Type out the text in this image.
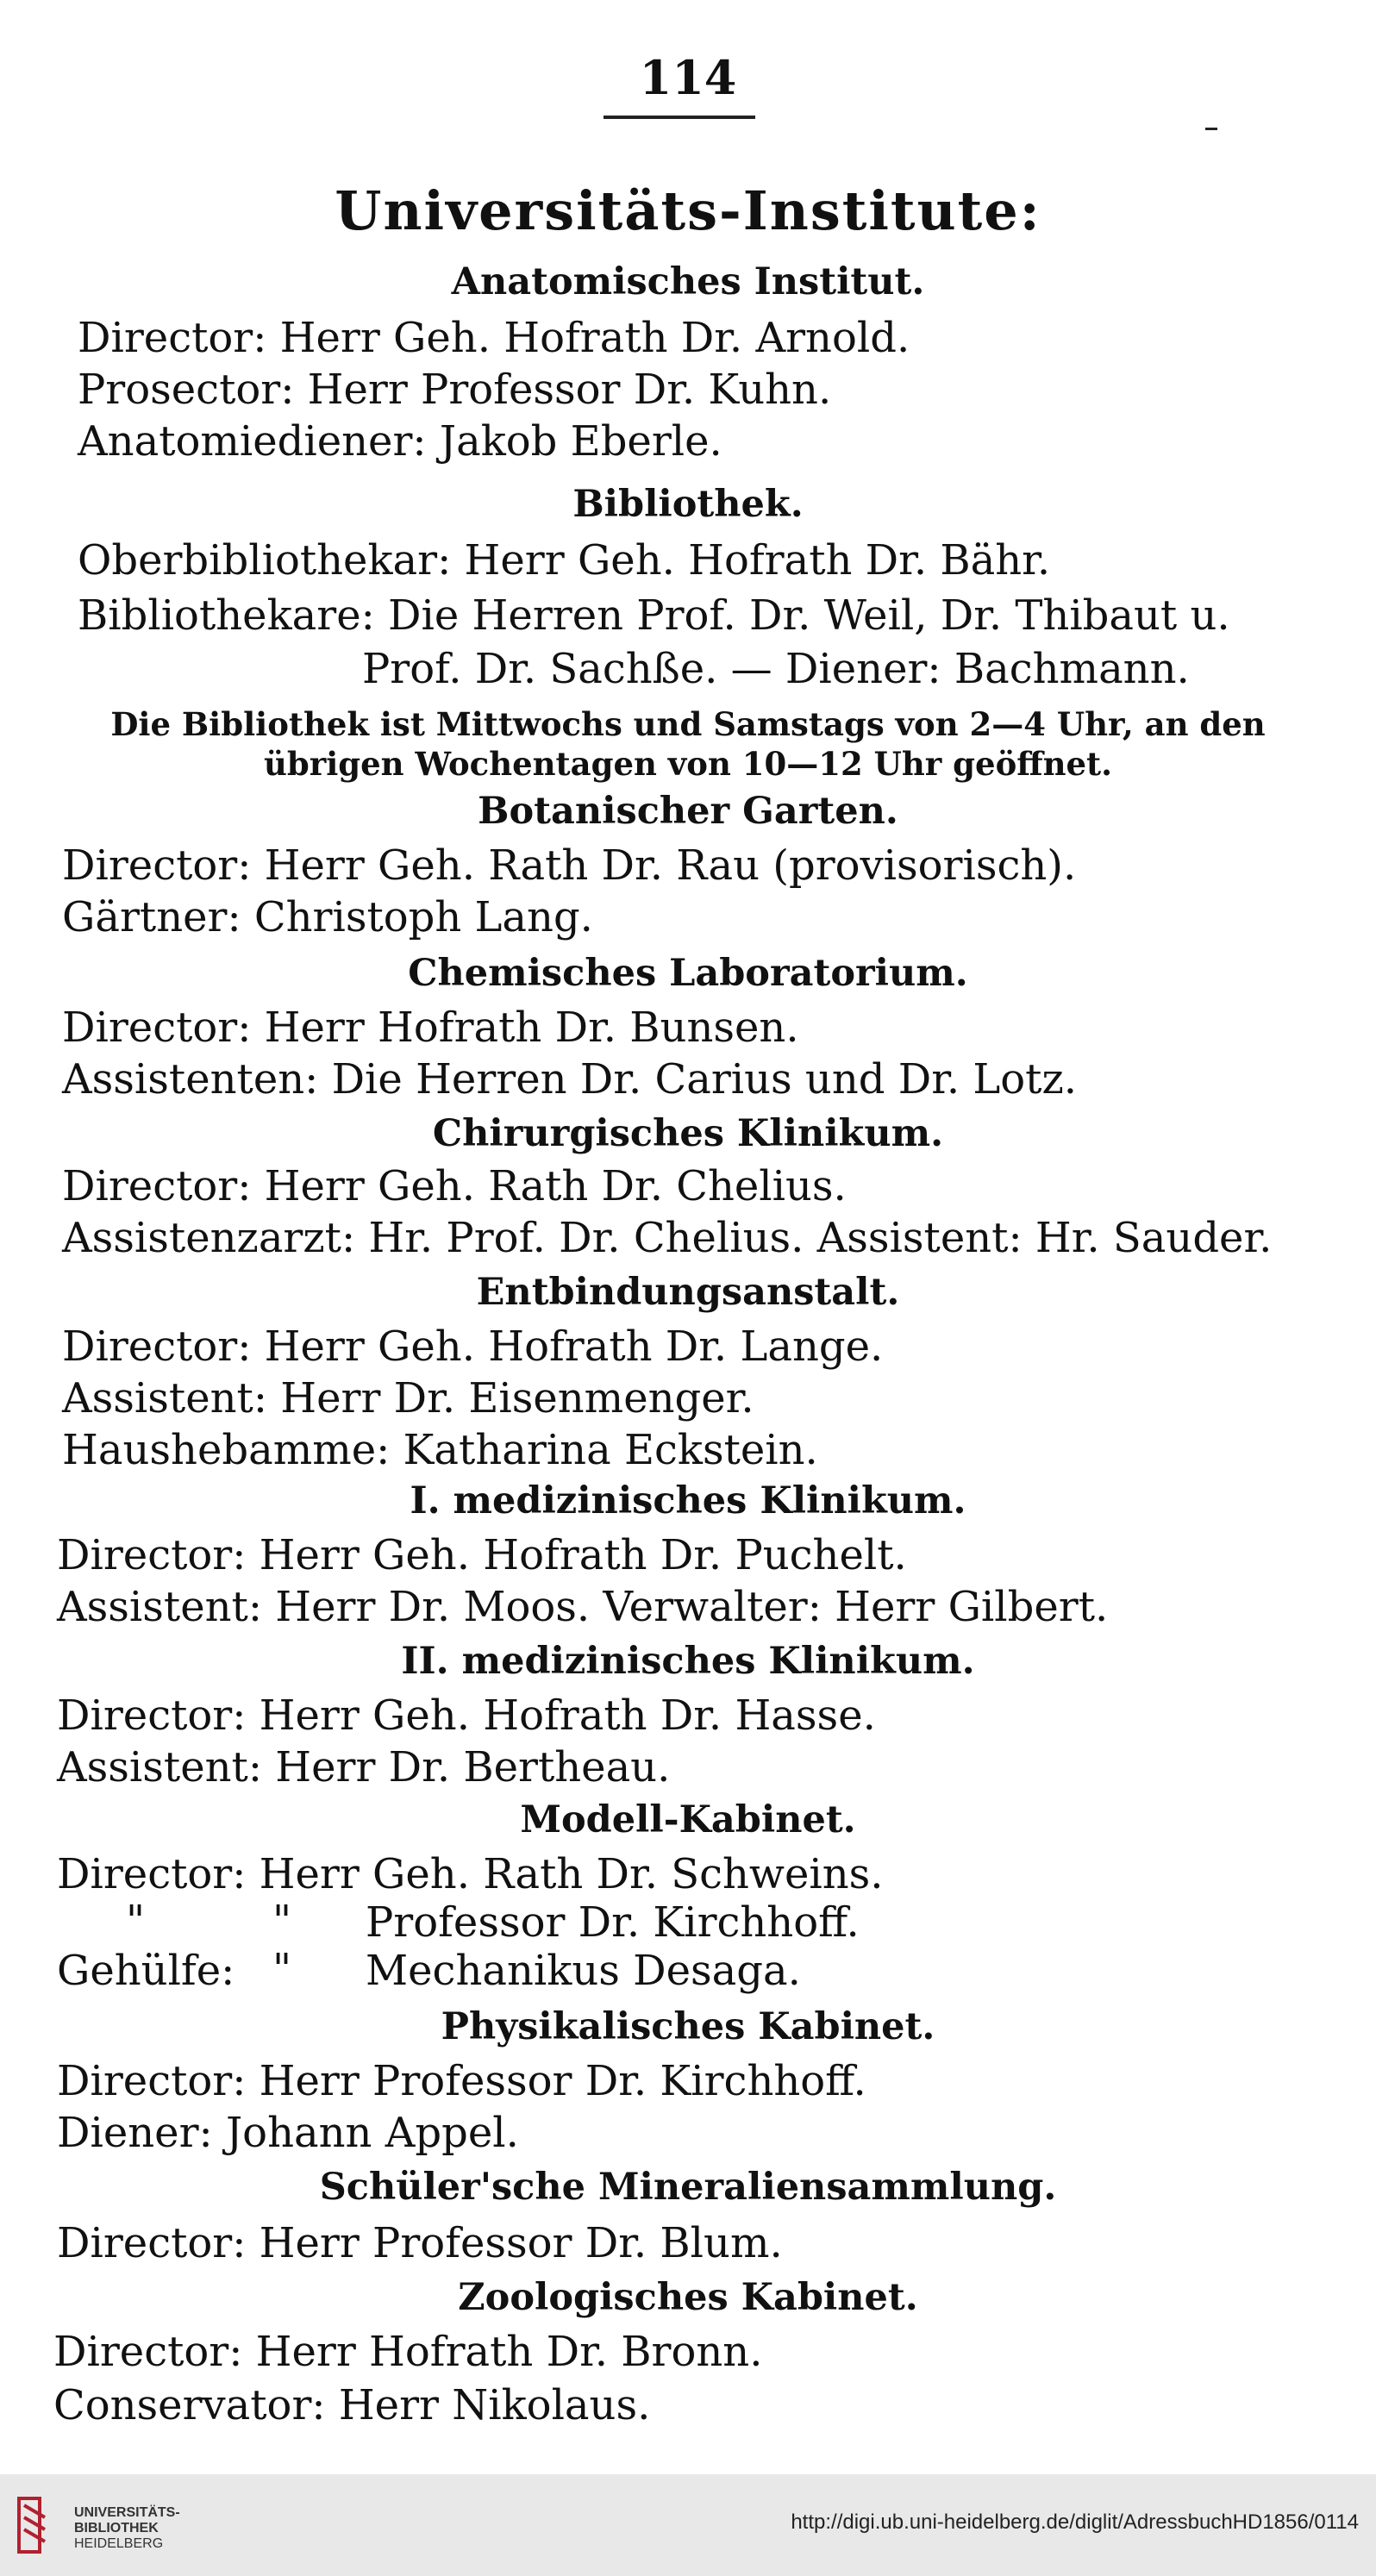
114
Universitäts-Institute:
Anatomisches Institut.
Director: Herr Geh. Hofrath Dr. Arnold.
Prosector: Herr Professor Dr. Kuhn.
Anatomiediener: Jakob Eberle.
Bibliothek.
Oberbibliothekar: Herr Geh. Hofrath Dr. Bähr.
Bibliothekare: Die Herren Prof. Dr. Weil, Dr. Thibaut u.
Prof. Dr. Sachße. — Diener: Bachmann.
Die Bibliothek ist Mittwochs und Samstags von 2—4 Uhr, an den
übrigen Wochentagen von 10—12 Uhr geöffnet.
Botanischer Garten.
Director: Herr Geh. Rath Dr. Rau (provisorisch).
Gärtner: Christoph Lang.
Chemisches Laboratorium.
Director: Herr Hofrath Dr. Bunsen.
Assistenten: Die Herren Dr. Carius und Dr. Lotz.
Chirurgisches Klinikum.
Director: Herr Geh. Rath Dr. Chelius.
Assistenzarzt: Hr. Prof. Dr. Chelius. Assistent: Hr. Sauder.
Entbindungsanstalt.
Director: Herr Geh. Hofrath Dr. Lange.
Assistent: Herr Dr. Eisenmenger.
Haushebamme: Katharina Eckstein.
I. medizinisches Klinikum.
Director: Herr Geh. Hofrath Dr. Puchelt.
Assistent: Herr Dr. Moos. Verwalter: Herr Gilbert.
II. medizinisches Klinikum.
Director: Herr Geh. Hofrath Dr. Hasse.
Assistent: Herr Dr. Bertheau.
Modell-Kabinet.
Director: Herr Geh. Rath Dr. Schweins.
"	" Professor Dr. Kirchhoff.
Gehülfe: " Mechanikus Desaga.
Physikalisches Kabinet.
Director: Herr Professor Dr. Kirchhoff.
Diener: Johann Appel.
Schüler'sche Mineraliensammlung.
Director: Herr Professor Dr. Blum.
Zoologisches Kabinet.
Director: Herr Hofrath Dr. Bronn.
Conservator: Herr Nikolaus.
UNIVERSITÄTS-
BIBLIOTHEK
HEIDELBERG
http://digi.ub.uni-heidelberg.de/diglit/AdressbuchHD1856/0114
